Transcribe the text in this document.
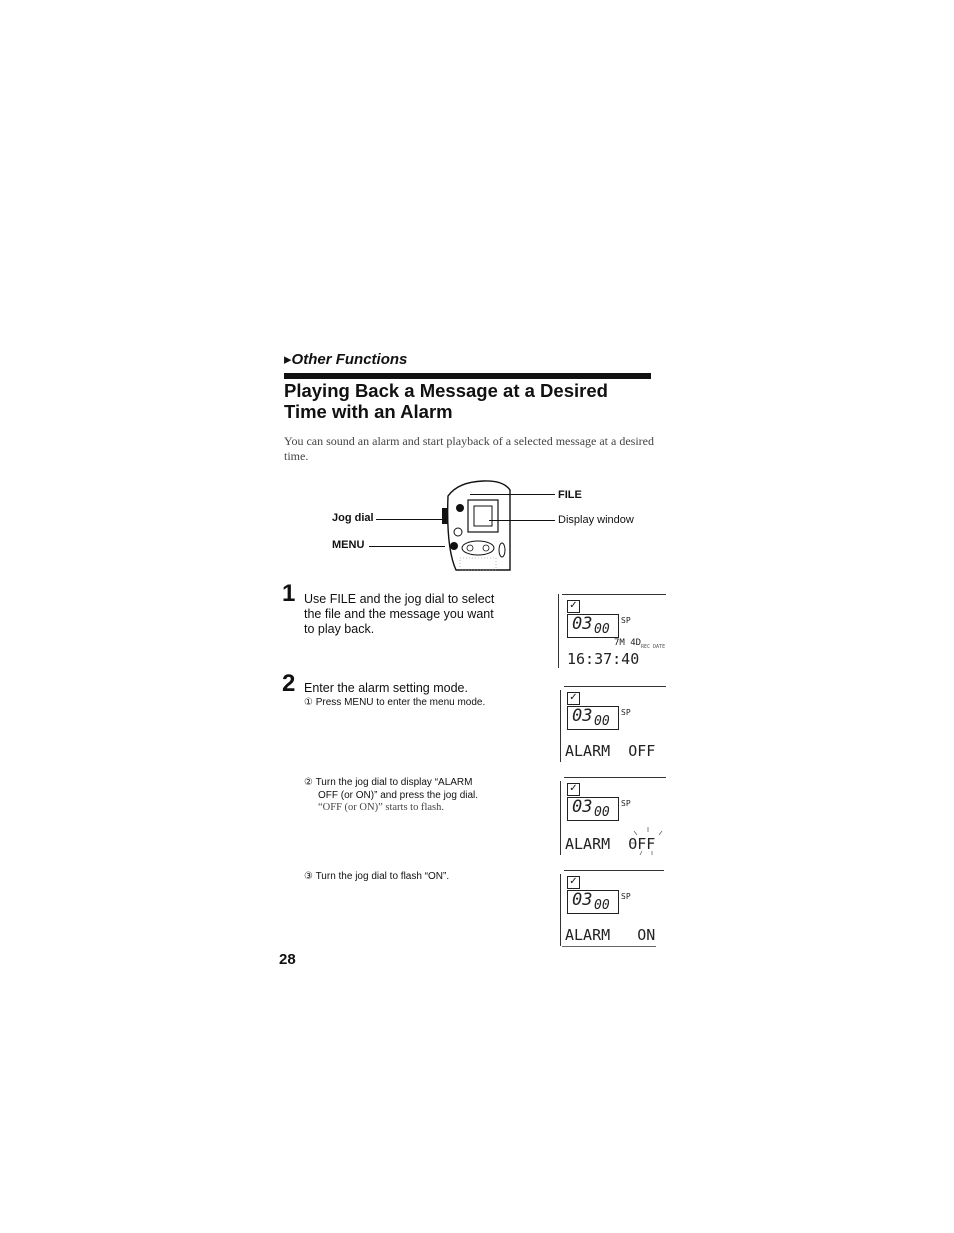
▸Other Functions
Playing Back a Message at a Desired
Time with an Alarm
You can sound an alarm and start playback of a selected message at a desired time.
Jog dial
MENU
FILE
Display window
1 Use FILE and the jog dial to select
the file and the message you want
to play back.
2 Enter the alarm setting mode.
① Press MENU to enter the menu mode.
② Turn the jog dial to display “ALARM
OFF (or ON)” and press the jog dial.
“OFF (or ON)” starts to flash.
③ Turn the jog dial to flash “ON”.
✓
03 00
SP
7M 4D REC DATE
16:37:40
✓
03 00
SP
ALARM  OFF
✓
03 00
SP
ALARM  OFF
✓
03 00
SP
ALARM   ON
28
